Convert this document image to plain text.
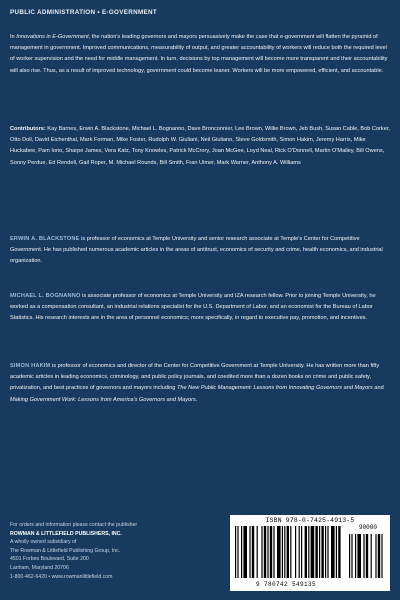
PUBLIC ADMINISTRATION • E-GOVERNMENT
In Innovations in E-Government, the nation's leading governors and mayors persuasively make the case that e-government will flatten the pyramid of management in government. Improved communications, measurability of output, and greater accountability of workers will reduce both the required level of worker supervision and the need for middle management. In turn, decisions by top management will become more transparent and their accountability will also rise. Thus, as a result of improved technology, government could become leaner. Workers will be more empowered, efficient, and accountable.
Contributors: Kay Barnes, Erwin A. Blackstone, Michael L. Bognanno, Dave Bronconnier, Lee Brown, Willie Brown, Jeb Bush, Susan Cable, Bob Corker, Otto Doll, David Eichenthal, Mark Forman, Mike Foster, Rudolph W. Giuliani, Neil Giuliano, Steve Goldsmith, Simon Hakim, Jeremy Harris, Mike Huckabee, Pam Iorio, Sharpe James, Vera Katz, Tony Knowles, Patrick McCrory, Joan McGee, Loyd Neal, Rick O'Donnell, Martin O'Malley, Bill Owens, Sonny Perdue, Ed Rendell, Gail Roper, M. Michael Rounds, Bill Smith, Fran Ulmer, Mark Warner, Anthony A. Williams
ERWIN A. BLACKSTONE is professor of economics at Temple University and senior research associate at Temple's Center for Competitive Government. He has published numerous academic articles in the areas of antitrust, economics of security and crime, health economics, and industrial organization.
MICHAEL L. BOGNANNO is associate professor of economics at Temple University and IZA research fellow. Prior to joining Temple University, he worked as a compensation consultant, an industrial relations specialist for the U.S. Department of Labor, and an economist for the Bureau of Labor Statistics. His research interests are in the area of personnel economics; more specifically, in regard to executive pay, promotion, and incentives.
SIMON HAKIM is professor of economics and director of the Center for Competitive Government at Temple University. He has written more than fifty academic articles in leading economics, criminology, and public policy journals, and coedited more than a dozen books on crime and public safety, privatization, and best practices of governors and mayors including The New Public Management: Lessons from Innovating Governors and Mayors and Making Government Work: Lessons from America's Governors and Mayors.
For orders and information please contact the publisher
ROWMAN & LITTLEFIELD PUBLISHERS, INC.
A wholly owned subsidiary of
The Rowman & Littlefield Publishing Group, Inc.
4501 Forbes Boulevard, Suite 200
Lanham, Maryland 20706
1-800-462-6420 • www.rowmanlittlefield.com
ISBN 978-0-7425-4913-5
9 780742 549135
90000
